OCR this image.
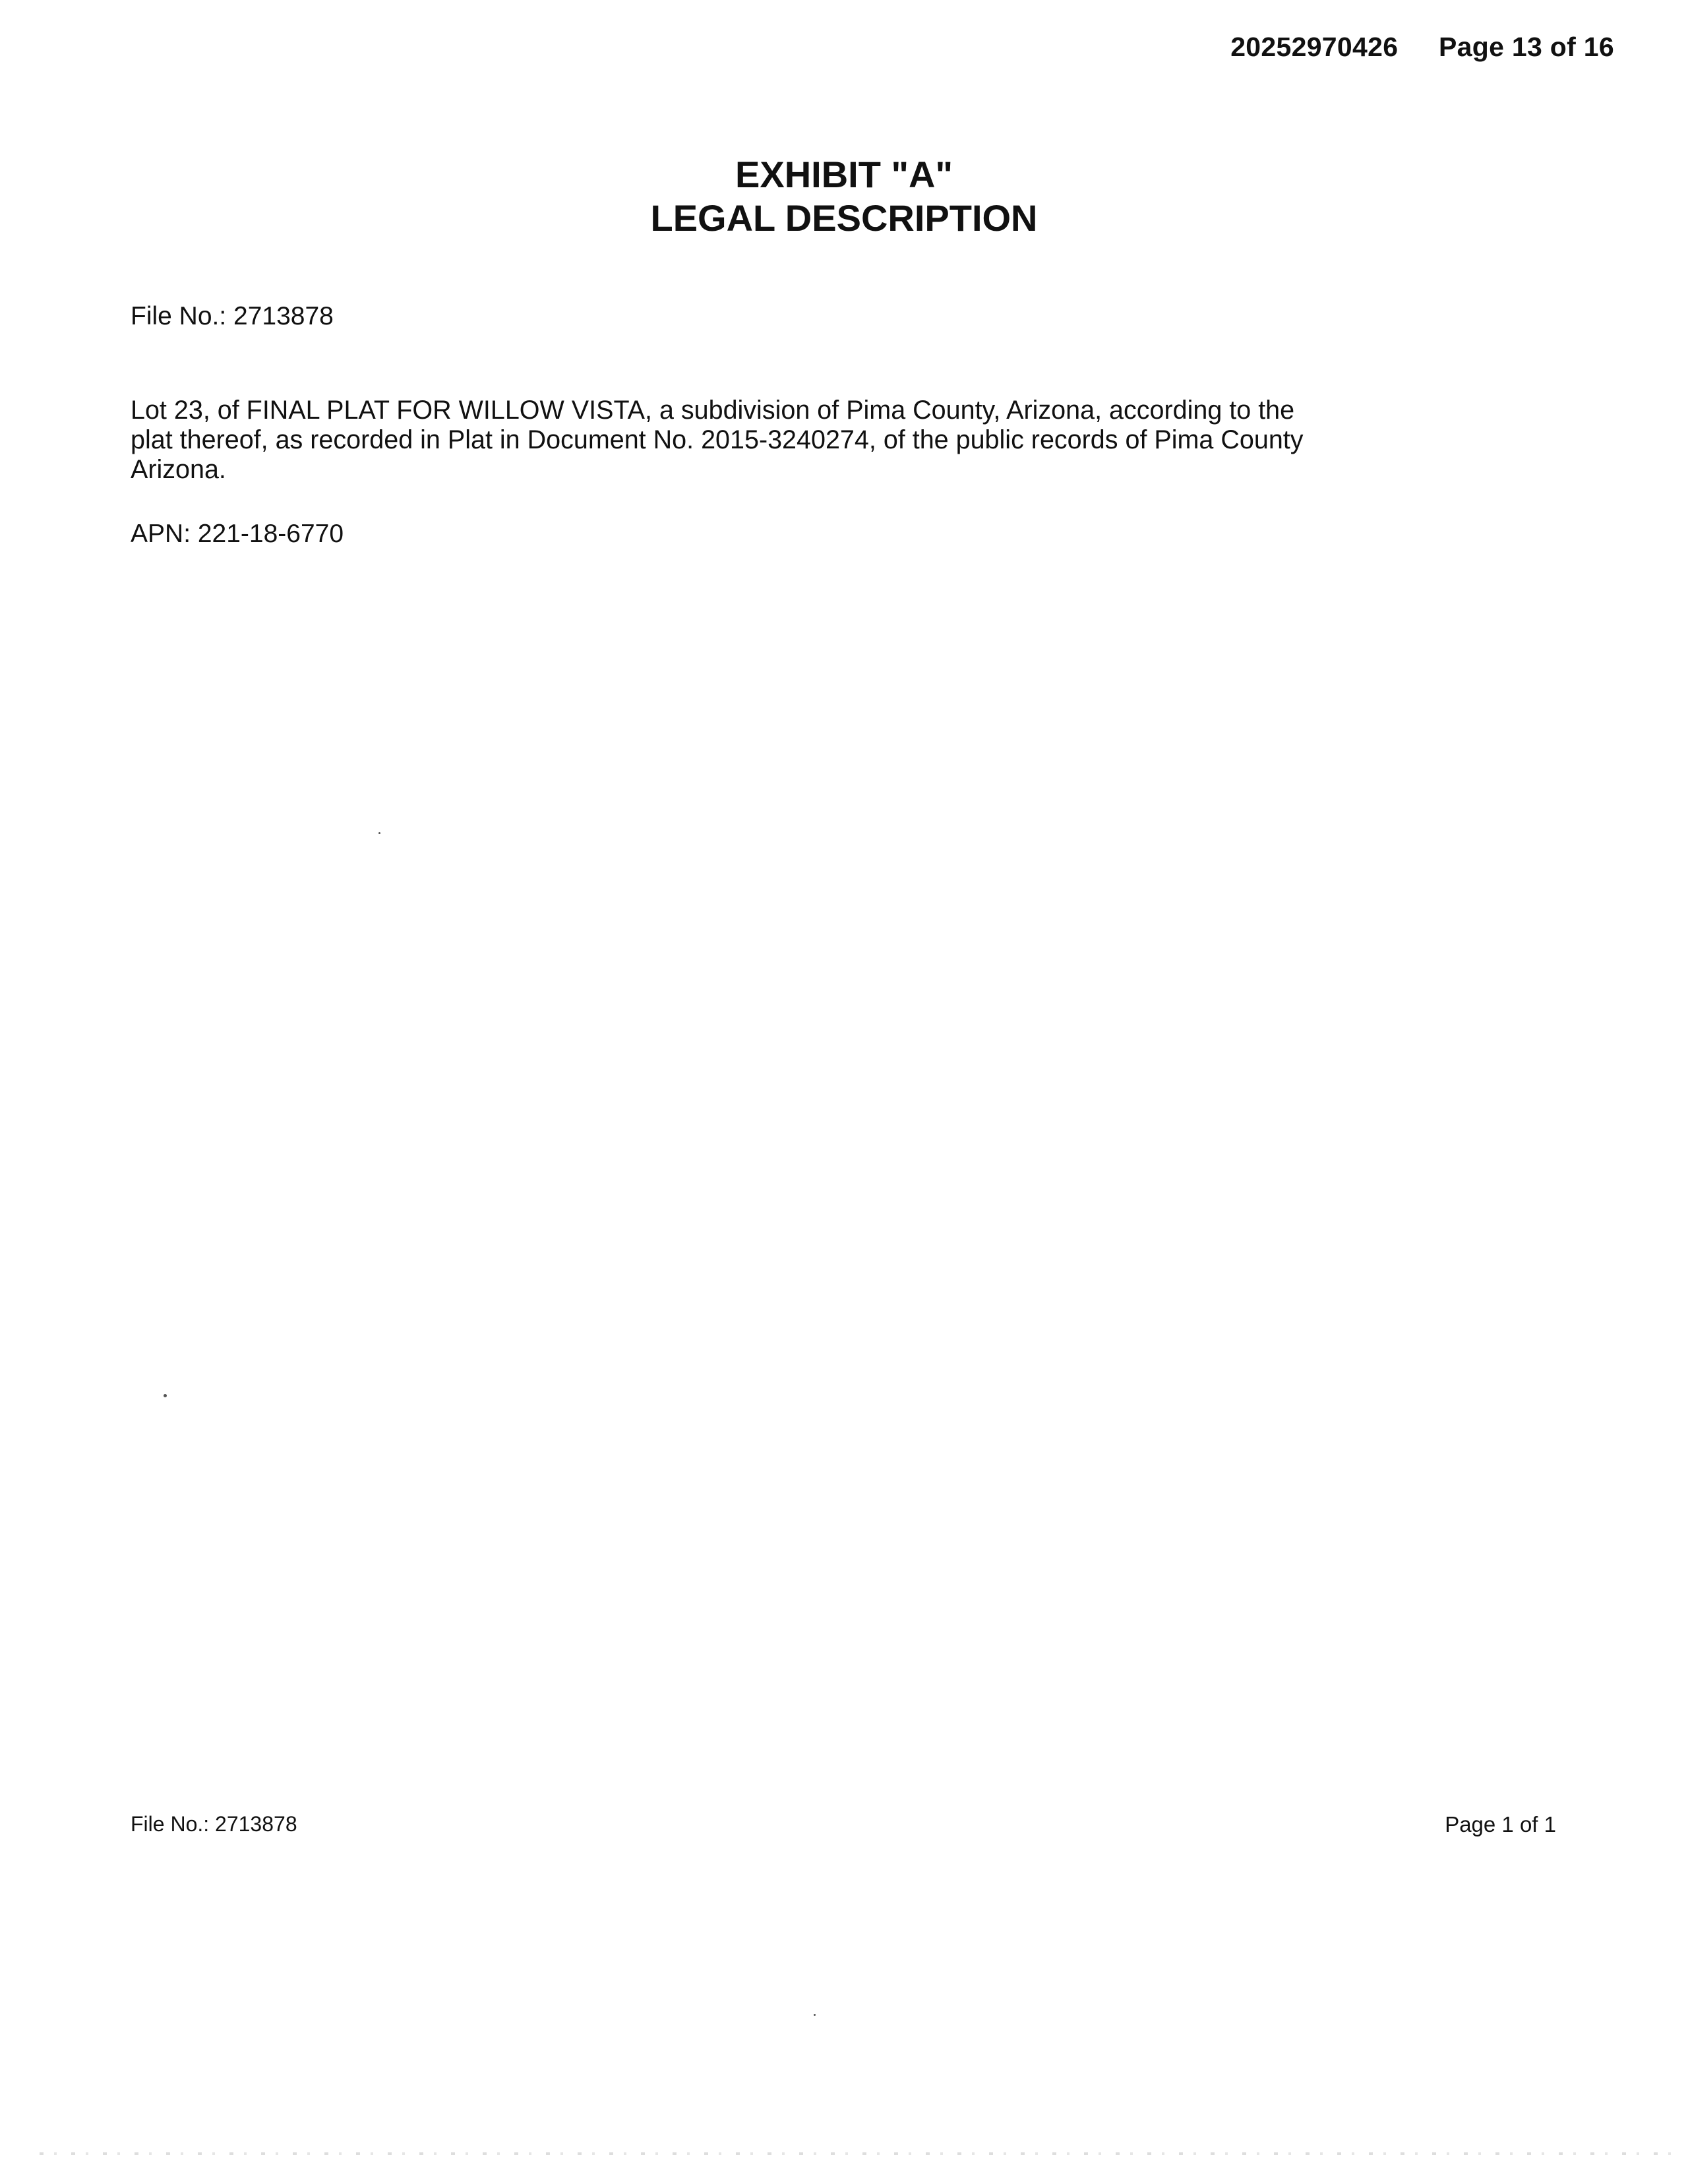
20252970426 Page 13 of 16
EXHIBIT "A"
LEGAL DESCRIPTION
File No.: 2713878
Lot 23, of FINAL PLAT FOR WILLOW VISTA, a subdivision of Pima County, Arizona, according to the
plat thereof, as recorded in Plat in Document No. 2015-3240274, of the public records of Pima County
Arizona.
APN: 221-18-6770
File No.: 2713878	Page 1 of 1
